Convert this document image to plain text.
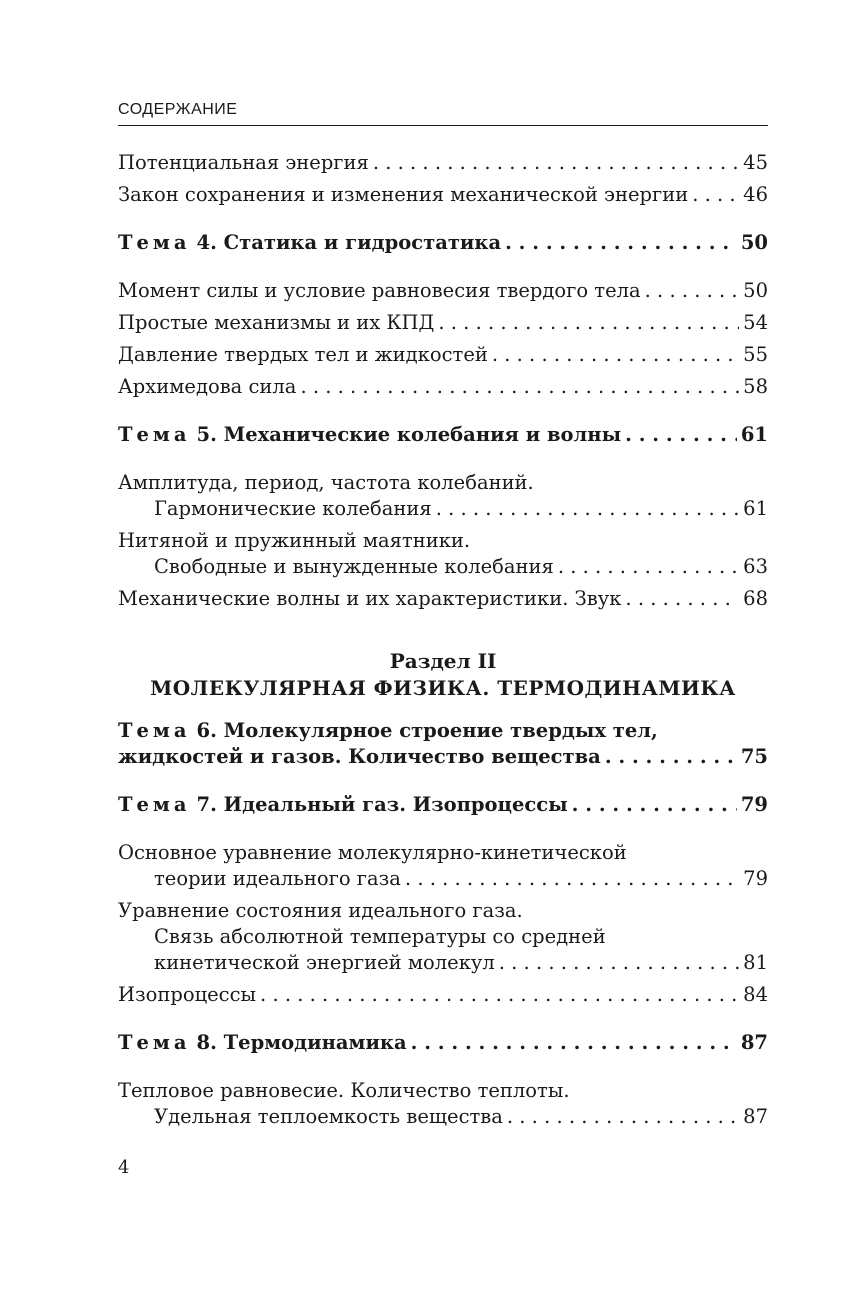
СОДЕРЖАНИЕ
Потенциальная энергия . . .	45
Закон сохранения и изменения механической энергии . . .	46
Тема 4. Статика и гидростатика . . .	50
Момент силы и условие равновесия твердого тела . . .	50
Простые механизмы и их КПД . . .	54
Давление твердых тел и жидкостей . . .	55
Архимедова сила . . .	58
Тема 5. Механические колебания и волны . . .	61
Амплитуда, период, частота колебаний.
Гармонические колебания . . .	61
Нитяной и пружинный маятники.
Свободные и вынужденные колебания . . .	63
Механические волны и их характеристики. Звук . . .	68
Раздел II
МОЛЕКУЛЯРНАЯ ФИЗИКА. ТЕРМОДИНАМИКА
Тема 6. Молекулярное строение твердых тел,
жидкостей и газов. Количество вещества . . .	75
Тема 7. Идеальный газ. Изопроцессы . . .	79
Основное уравнение молекулярно-кинетической
теории идеального газа . . .	79
Уравнение состояния идеального газа.
Связь абсолютной температуры со средней
кинетической энергией молекул . . .	81
Изопроцессы . . .	84
Тема 8. Термодинамика . . .	87
Тепловое равновесие. Количество теплоты.
Удельная теплоемкость вещества . . .	87
4
